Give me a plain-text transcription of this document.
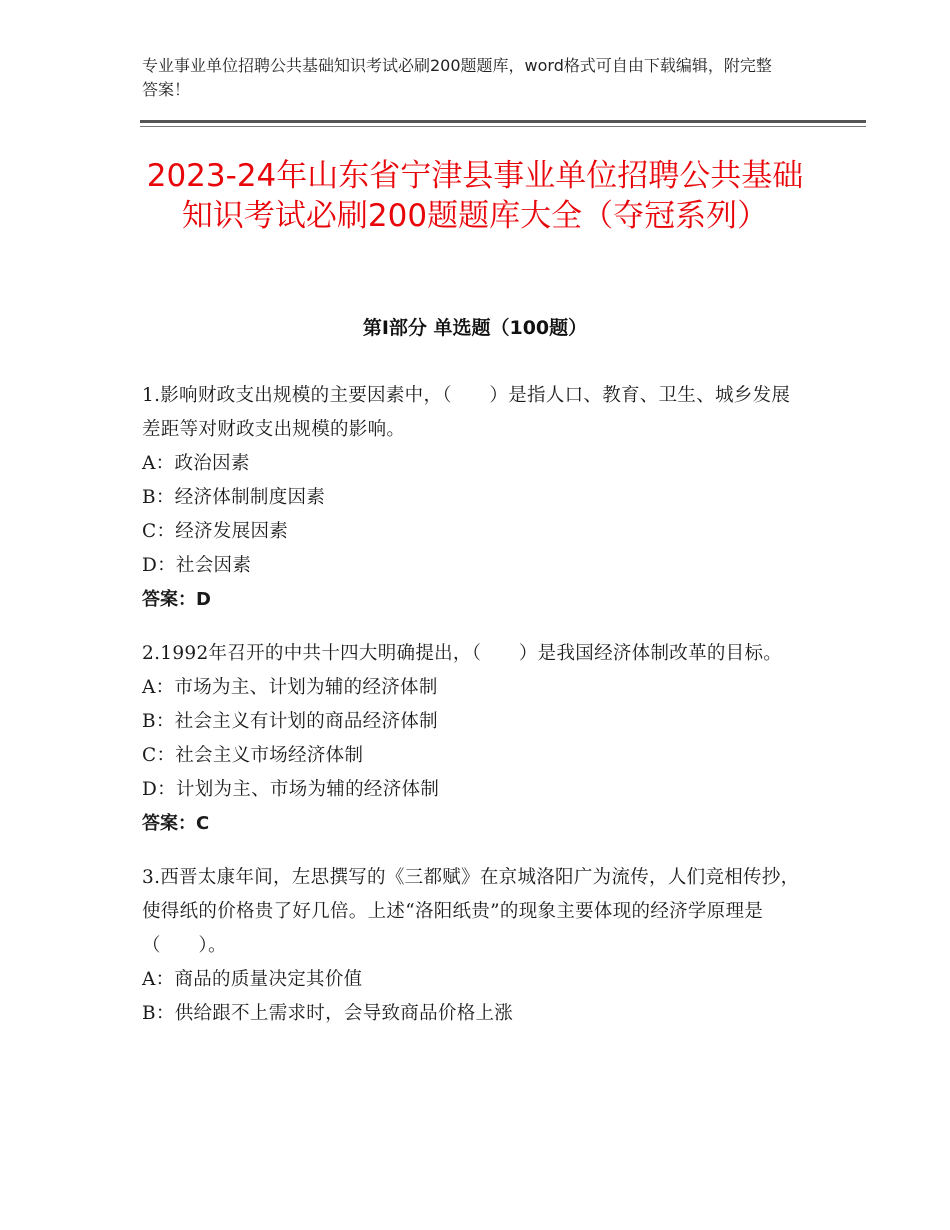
专业事业单位招聘公共基础知识考试必刷200题题库，word格式可自由下载编辑，附完整答案！
2023-24年山东省宁津县事业单位招聘公共基础知识考试必刷200题题库大全（夺冠系列）
第Ⅰ部分 单选题（100题）
1.影响财政支出规模的主要因素中，（　　）是指人口、教育、卫生、城乡发展差距等对财政支出规模的影响。
A：政治因素
B：经济体制制度因素
C：经济发展因素
D：社会因素
答案：D
2.1992年召开的中共十四大明确提出，（　　）是我国经济体制改革的目标。
A：市场为主、计划为辅的经济体制
B：社会主义有计划的商品经济体制
C：社会主义市场经济体制
D：计划为主、市场为辅的经济体制
答案：C
3.西晋太康年间，左思撰写的《三都赋》在京城洛阳广为流传，人们竞相传抄，使得纸的价格贵了好几倍。上述“洛阳纸贵”的现象主要体现的经济学原理是（　　）。
A：商品的质量决定其价值
B：供给跟不上需求时，会导致商品价格上涨
